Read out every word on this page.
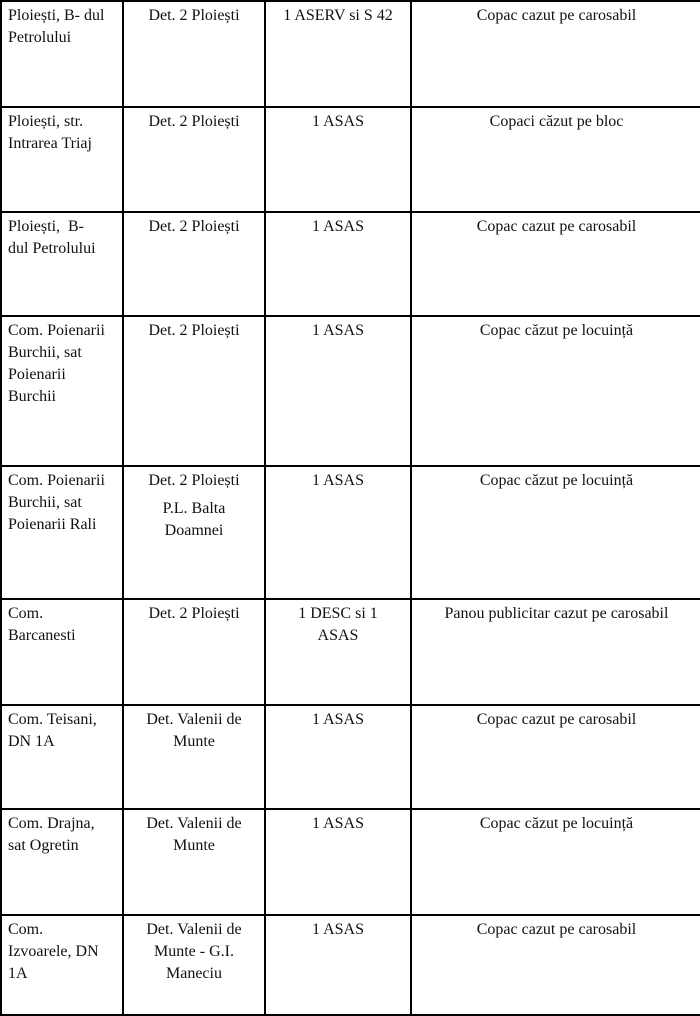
Ploiești, B- dul
Petrolului	Det. 2 Ploiești	1 ASERV si S 42	Copac cazut pe carosabil

Ploiești, str.
Intrarea Triaj	Det. 2 Ploiești	1 ASAS	Copaci căzut pe bloc

Ploiești,  B-
dul Petrolului	Det. 2 Ploiești	1 ASAS	Copac cazut pe carosabil

Com. Poienarii
Burchii, sat
Poienarii
Burchii	Det. 2 Ploiești	1 ASAS	Copac căzut pe locuință

Com. Poienarii
Burchii, sat
Poienarii Rali	Det. 2 Ploiești
P.L. Balta
Doamnei	1 ASAS	Copac căzut pe locuință

Com.
Barcanesti	Det. 2 Ploiești	1 DESC si 1
ASAS	Panou publicitar cazut pe carosabil

Com. Teisani,
DN 1A	Det. Valenii de
Munte	1 ASAS	Copac cazut pe carosabil

Com. Drajna,
sat Ogretin	Det. Valenii de
Munte	1 ASAS	Copac căzut pe locuință

Com.
Izvoarele, DN
1A	Det. Valenii de
Munte - G.I.
Maneciu	1 ASAS	Copac cazut pe carosabil
